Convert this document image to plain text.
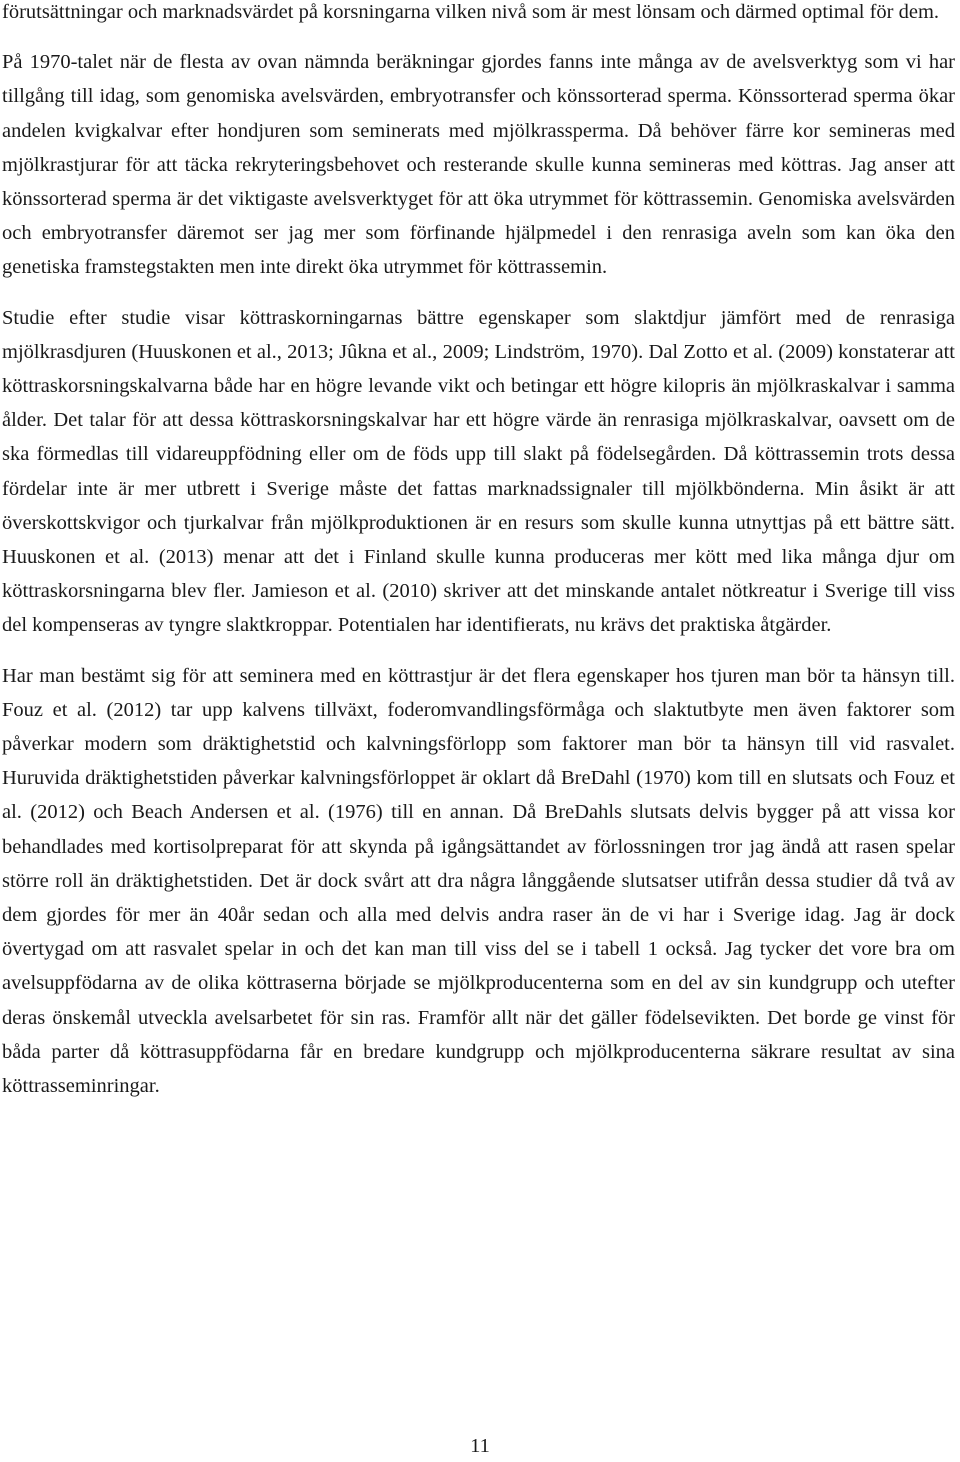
förutsättningar och marknadsvärdet på korsningarna vilken nivå som är mest lönsam och därmed optimal för dem.

På 1970-talet när de flesta av ovan nämnda beräkningar gjordes fanns inte många av de avelsverktyg som vi har tillgång till idag, som genomiska avelsvärden, embryotransfer och könssorterad sperma. Könssorterad sperma ökar andelen kvigkalvar efter hondjuren som seminerats med mjölkrassperma. Då behöver färre kor semineras med mjölkrastjurar för att täcka rekryteringsbehovet och resterande skulle kunna semineras med köttras. Jag anser att könssorterad sperma är det viktigaste avelsverktyget för att öka utrymmet för köttrassemin. Genomiska avelsvärden och embryotransfer däremot ser jag mer som förfinande hjälpmedel i den renrasiga aveln som kan öka den genetiska framstegstakten men inte direkt öka utrymmet för köttrassemin.

Studie efter studie visar köttraskorningarnas bättre egenskaper som slaktdjur jämfört med de renrasiga mjölkrasdjuren (Huuskonen et al., 2013; Jûkna et al., 2009; Lindström, 1970). Dal Zotto et al. (2009) konstaterar att köttraskorsningskalvarna både har en högre levande vikt och betingar ett högre kilopris än mjölkraskalvar i samma ålder. Det talar för att dessa köttraskorsningskalvar har ett högre värde än renrasiga mjölkraskalvar, oavsett om de ska förmedlas till vidareuppfödning eller om de föds upp till slakt på födelsegården. Då köttrassemin trots dessa fördelar inte är mer utbrett i Sverige måste det fattas marknadssignaler till mjölkbönderna. Min åsikt är att överskottskvigor och tjurkalvar från mjölkproduktionen är en resurs som skulle kunna utnyttjas på ett bättre sätt. Huuskonen et al. (2013) menar att det i Finland skulle kunna produceras mer kött med lika många djur om köttraskorsningarna blev fler. Jamieson et al. (2010) skriver att det minskande antalet nötkreatur i Sverige till viss del kompenseras av tyngre slaktkroppar. Potentialen har identifierats, nu krävs det praktiska åtgärder.

Har man bestämt sig för att seminera med en köttrastjur är det flera egenskaper hos tjuren man bör ta hänsyn till. Fouz et al. (2012) tar upp kalvens tillväxt, foderomvandlingsförmåga och slaktutbyte men även faktorer som påverkar modern som dräktighetstid och kalvningsförlopp som faktorer man bör ta hänsyn till vid rasvalet. Huruvida dräktighetstiden påverkar kalvningsförloppet är oklart då BreDahl (1970) kom till en slutsats och Fouz et al. (2012) och Beach Andersen et al. (1976) till en annan. Då BreDahls slutsats delvis bygger på att vissa kor behandlades med kortisolpreparat för att skynda på igångsättandet av förlossningen tror jag ändå att rasen spelar större roll än dräktighetstiden. Det är dock svårt att dra några långgående slutsatser utifrån dessa studier då två av dem gjordes för mer än 40år sedan och alla med delvis andra raser än de vi har i Sverige idag. Jag är dock övertygad om att rasvalet spelar in och det kan man till viss del se i tabell 1 också. Jag tycker det vore bra om avelsuppfödarna av de olika köttraserna började se mjölkproducenterna som en del av sin kundgrupp och utefter deras önskemål utveckla avelsarbetet för sin ras. Framför allt när det gäller födelsevikten. Det borde ge vinst för båda parter då köttrasuppfödarna får en bredare kundgrupp och mjölkproducenterna säkrare resultat av sina köttrasseminringar.

11
